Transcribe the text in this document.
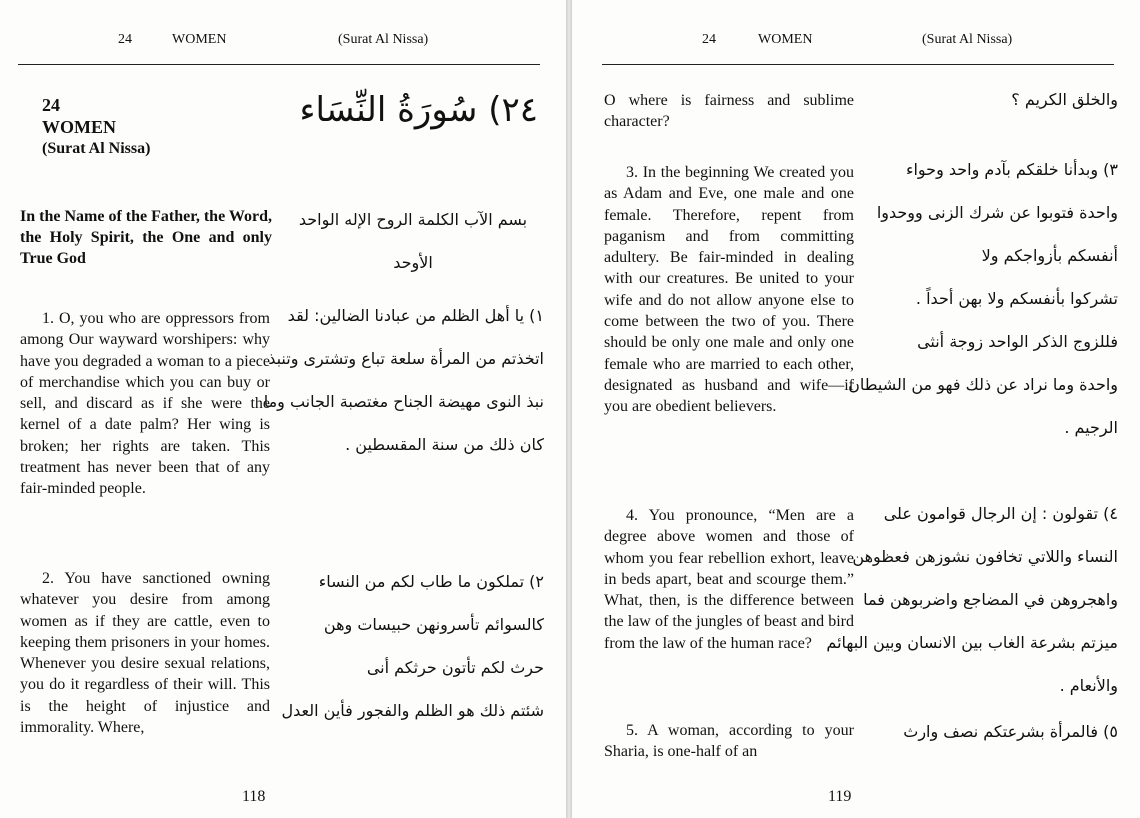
24	WOMEN	(Surat Al Nissa)
24
WOMEN
(Surat Al Nissa)
٢٤) سُورَةُ النِّسَاء
In the Name of the Father, the Word, the Holy Spirit, the One and only True God

بسم الآب الكلمة الروح الإله الواحد

الأوحد

1. O, you who are oppressors from among Our wayward worshipers: why have you degraded a woman to a piece of merchandise which you can buy or sell, and discard as if she were the kernel of a date palm? Her wing is broken; her rights are taken. This treatment has never been that of any fair-minded people.

١) يا أهل الظلم من عبادنا الضالين: لقد

اتخذتم من المرأة سلعة تباع وتشترى وتنبذ

نبذ النوى مهيضة الجناح مغتصبة الجانب وما

كان ذلك من سنة المقسطين .

2. You have sanctioned owning whatever you desire from among women as if they are cattle, even to keeping them prisoners in your homes. Whenever you desire sexual relations, you do it regardless of their will. This is the height of injustice and immorality. Where,

٢) تملكون ما طاب لكم من النساء

كالسوائم تأسرونهن حبيسات وهن

حرث لكم تأتون حرثكم أنى

شئتم ذلك هو الظلم والفجور فأين العدل

118
24	WOMEN	(Surat Al Nissa)

O where is fairness and sublime character?

والخلق الكريم ؟

3. In the beginning We created you as Adam and Eve, one male and one female. Therefore, repent from paganism and from committing adultery. Be fair-minded in dealing with our creatures. Be united to your wife and do not allow anyone else to come between the two of you. There should be only one male and only one female who are married to each other, designated as husband and wife—if you are obedient believers.

٣) وبدأنا خلقكم بآدم واحد وحواء

واحدة فتوبوا عن شرك الزنى ووحدوا

أنفسكم بأزواجكم ولا

تشركوا بأنفسكم ولا بهن أحداً .

فللزوج الذكر الواحد زوجة أنثى

واحدة وما نراد عن ذلك فهو من الشيطان

الرجيم .

4. You pronounce, “Men are a degree above women and those of whom you fear rebellion exhort, leave in beds apart, beat and scourge them.” What, then, is the difference between the law of the jungles of beast and bird from the law of the human race?

٤) تقولون : إن الرجال قوامون على

النساء واللاتي تخافون نشوزهن فعظوهن

واهجروهن في المضاجع واضربوهن فما

ميزتم بشرعة الغاب بين الانسان وبين البهائم

والأنعام .

5. A woman, according to your Sharia, is one-half of an

٥) فالمرأة بشرعتكم نصف وارث

119
